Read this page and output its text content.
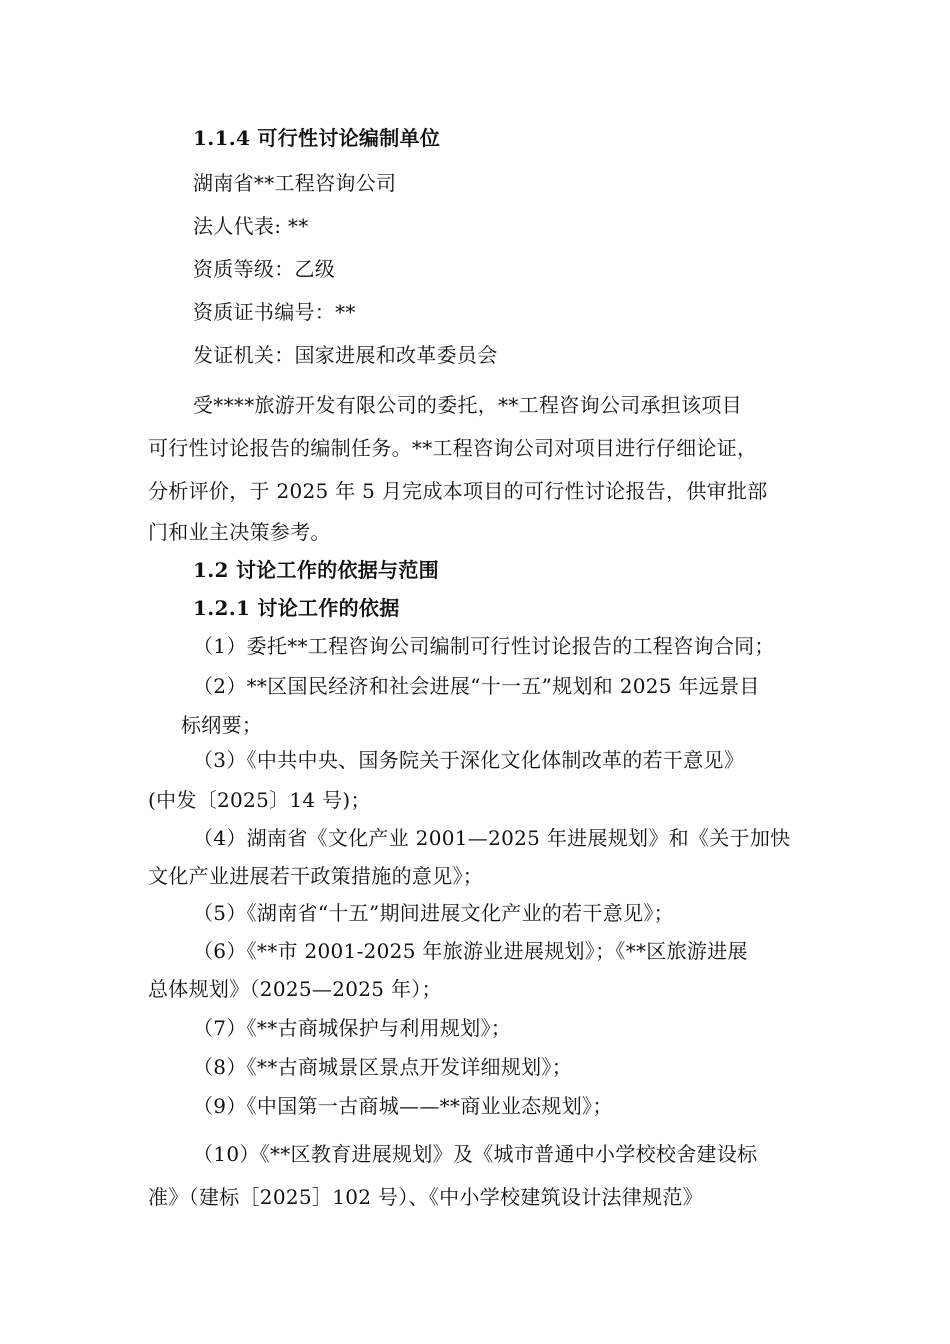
1.1.4 可行性讨论编制单位
湖南省**工程咨询公司
法人代表: **
资质等级：乙级
资质证书编号：**
发证机关：国家进展和改革委员会
受****旅游开发有限公司的委托，**工程咨询公司承担该项目
可行性讨论报告的编制任务。**工程咨询公司对项目进行仔细论证，
分析评价，于 2025 年 5 月完成本项目的可行性讨论报告，供审批部
门和业主决策参考。
1.2 讨论工作的依据与范围
1.2.1 讨论工作的依据
（1）委托**工程咨询公司编制可行性讨论报告的工程咨询合同；
（2）**区国民经济和社会进展“十一五”规划和 2025 年远景目
标纲要；
（3）《中共中央、国务院关于深化文化体制改革的若干意见》
(中发〔2025〕14 号)；
（4）湖南省《文化产业 2001—2025 年进展规划》和《关于加快
文化产业进展若干政策措施的意见》；
（5）《湖南省“十五”期间进展文化产业的若干意见》；
（6）《**市 2001-2025 年旅游业进展规划》；《**区旅游进展
总体规划》（2025—2025 年）；
（7）《**古商城保护与利用规划》；
（8）《**古商城景区景点开发详细规划》；
（9）《中国第一古商城——**商业业态规划》；
（10）《**区教育进展规划》及《城市普通中小学校校舍建设标
准》（建标［2025］102 号）、《中小学校建筑设计法律规范》
